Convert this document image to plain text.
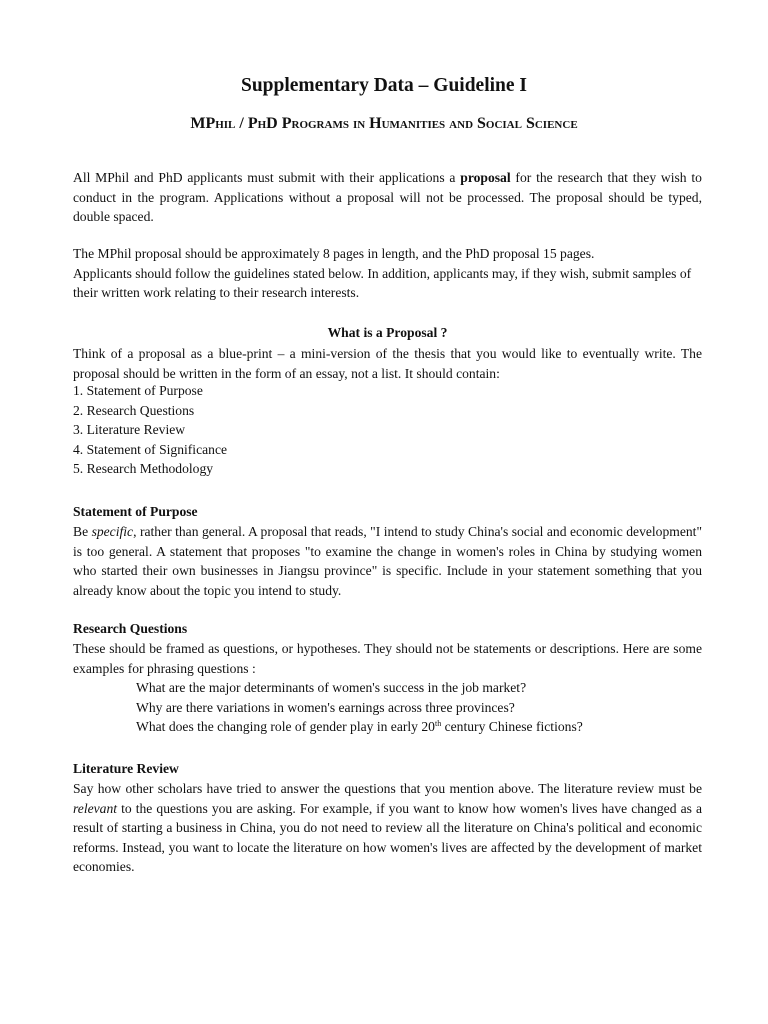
Supplementary Data – Guideline I
MPhil / PhD Programs in Humanities and Social Science
All MPhil and PhD applicants must submit with their applications a proposal for the research that they wish to conduct in the program. Applications without a proposal will not be processed. The proposal should be typed, double spaced.
The MPhil proposal should be approximately 8 pages in length, and the PhD proposal 15 pages.
Applicants should follow the guidelines stated below. In addition, applicants may, if they wish, submit samples of their written work relating to their research interests.
What is a Proposal ?
Think of a proposal as a blue-print – a mini-version of the thesis that you would like to eventually write. The proposal should be written in the form of an essay, not a list. It should contain:
1. Statement of Purpose
2. Research Questions
3. Literature Review
4. Statement of Significance
5. Research Methodology
Statement of Purpose
Be specific, rather than general. A proposal that reads, "I intend to study China's social and economic development" is too general. A statement that proposes "to examine the change in women's roles in China by studying women who started their own businesses in Jiangsu province" is specific. Include in your statement something that you already know about the topic you intend to study.
Research Questions
These should be framed as questions, or hypotheses. They should not be statements or descriptions. Here are some examples for phrasing questions :
What are the major determinants of women's success in the job market?
Why are there variations in women's earnings across three provinces?
What does the changing role of gender play in early 20th century Chinese fictions?
Literature Review
Say how other scholars have tried to answer the questions that you mention above. The literature review must be relevant to the questions you are asking. For example, if you want to know how women's lives have changed as a result of starting a business in China, you do not need to review all the literature on China's political and economic reforms. Instead, you want to locate the literature on how women's lives are affected by the development of market economies.
